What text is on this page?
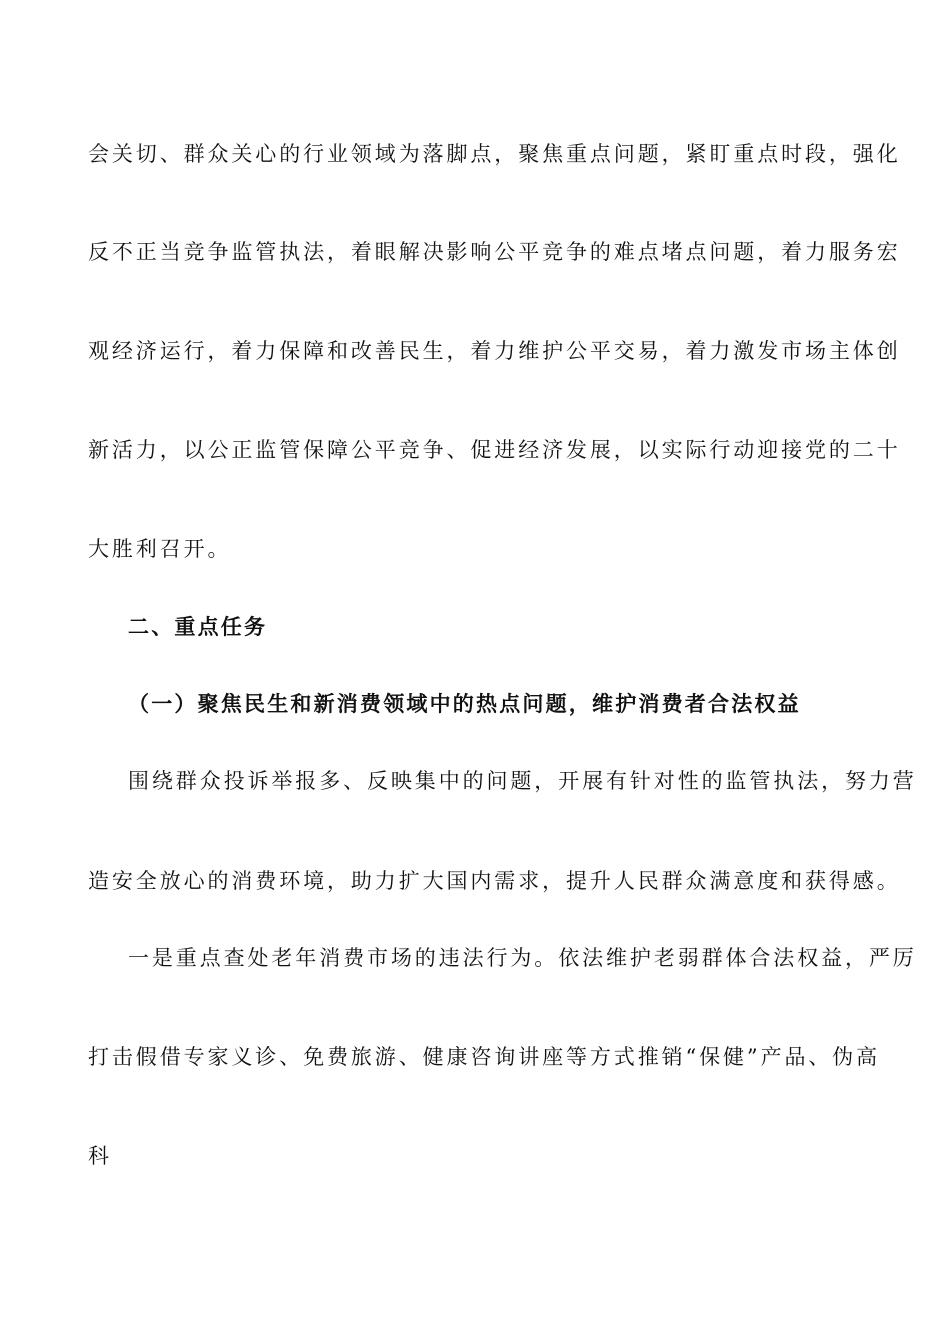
会关切、群众关心的行业领域为落脚点，聚焦重点问题，紧盯重点时段，强化
反不正当竞争监管执法，着眼解决影响公平竞争的难点堵点问题，着力服务宏
观经济运行，着力保障和改善民生，着力维护公平交易，着力激发市场主体创
新活力，以公正监管保障公平竞争、促进经济发展，以实际行动迎接党的二十
大胜利召开。
二、重点任务
（一）聚焦民生和新消费领域中的热点问题，维护消费者合法权益
围绕群众投诉举报多、反映集中的问题，开展有针对性的监管执法，努力营
造安全放心的消费环境，助力扩大国内需求，提升人民群众满意度和获得感。
一是重点查处老年消费市场的违法行为。依法维护老弱群体合法权益，严厉
打击假借专家义诊、免费旅游、健康咨询讲座等方式推销“保健”产品、伪高
科
